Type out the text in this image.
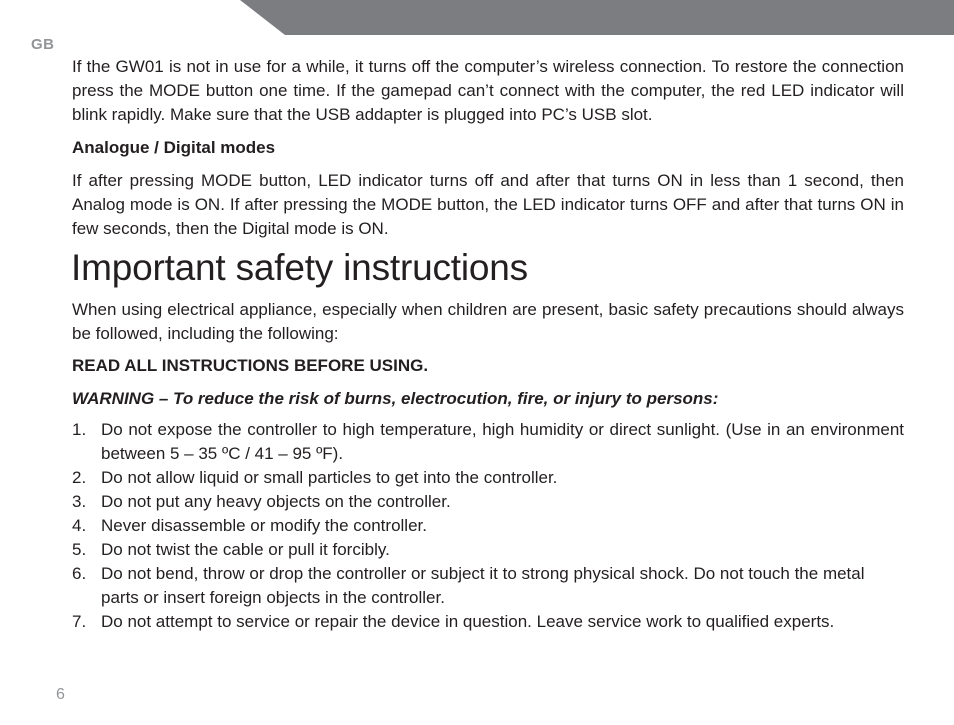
GB

If the GW01 is not in use for a while, it turns off the computer’s wireless connection. To restore the connection press the MODE button one time. If the gamepad can’t connect with the computer, the red LED indicator will blink rapidly. Make sure that the USB addapter is plugged into PC’s USB slot.

Analogue / Digital modes

If after pressing MODE button, LED indicator turns off and after that turns ON in less than 1 second, then Analog mode is ON. If after pressing the MODE button, the LED indicator turns OFF and after that turns ON in few seconds, then the Digital mode is ON.

Important safety instructions

When using electrical appliance, especially when children are present, basic safety precautions should always be followed, including the following:

READ ALL INSTRUCTIONS BEFORE USING.

WARNING – To reduce the risk of burns, electrocution, fire, or injury to persons:

1. Do not expose the controller to high temperature, high humidity or direct sunlight. (Use in an environment between 5 – 35 ºC / 41 – 95 ºF).
2. Do not allow liquid or small particles to get into the controller.
3. Do not put any heavy objects on the controller.
4. Never disassemble or modify the controller.
5. Do not twist the cable or pull it forcibly.
6. Do not bend, throw or drop the controller or subject it to strong physical shock. Do not touch the metal parts or insert foreign objects in the controller.
7. Do not attempt to service or repair the device in question. Leave service work to qualified experts.
6
